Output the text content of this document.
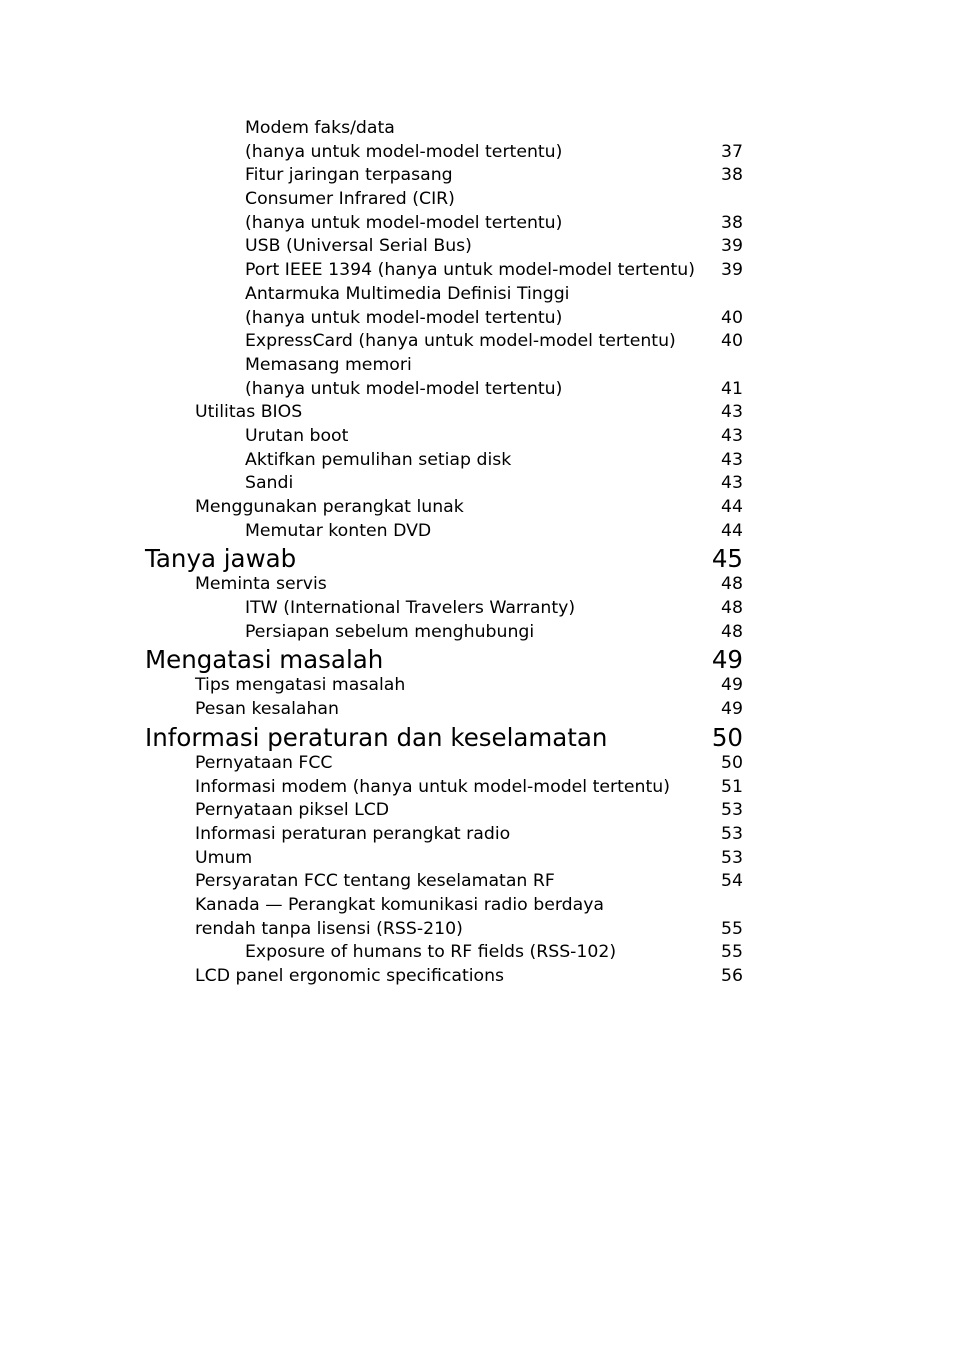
Modem faks/data
(hanya untuk model-model tertentu)	37
Fitur jaringan terpasang	38
Consumer Infrared (CIR)
(hanya untuk model-model tertentu)	38
USB (Universal Serial Bus)	39
Port IEEE 1394 (hanya untuk model-model tertentu)	39
Antarmuka Multimedia Definisi Tinggi
(hanya untuk model-model tertentu)	40
ExpressCard (hanya untuk model-model tertentu)	40
Memasang memori
(hanya untuk model-model tertentu)	41
Utilitas BIOS	43
Urutan boot	43
Aktifkan pemulihan setiap disk	43
Sandi	43
Menggunakan perangkat lunak	44
Memutar konten DVD	44
Tanya jawab	45
Meminta servis	48
ITW (International Travelers Warranty)	48
Persiapan sebelum menghubungi	48
Mengatasi masalah	49
Tips mengatasi masalah	49
Pesan kesalahan	49
Informasi peraturan dan keselamatan	50
Pernyataan FCC	50
Informasi modem (hanya untuk model-model tertentu)	51
Pernyataan piksel LCD	53
Informasi peraturan perangkat radio	53
Umum	53
Persyaratan FCC tentang keselamatan RF	54
Kanada — Perangkat komunikasi radio berdaya
rendah tanpa lisensi (RSS-210)	55
Exposure of humans to RF fields (RSS-102)	55
LCD panel ergonomic specifications	56
